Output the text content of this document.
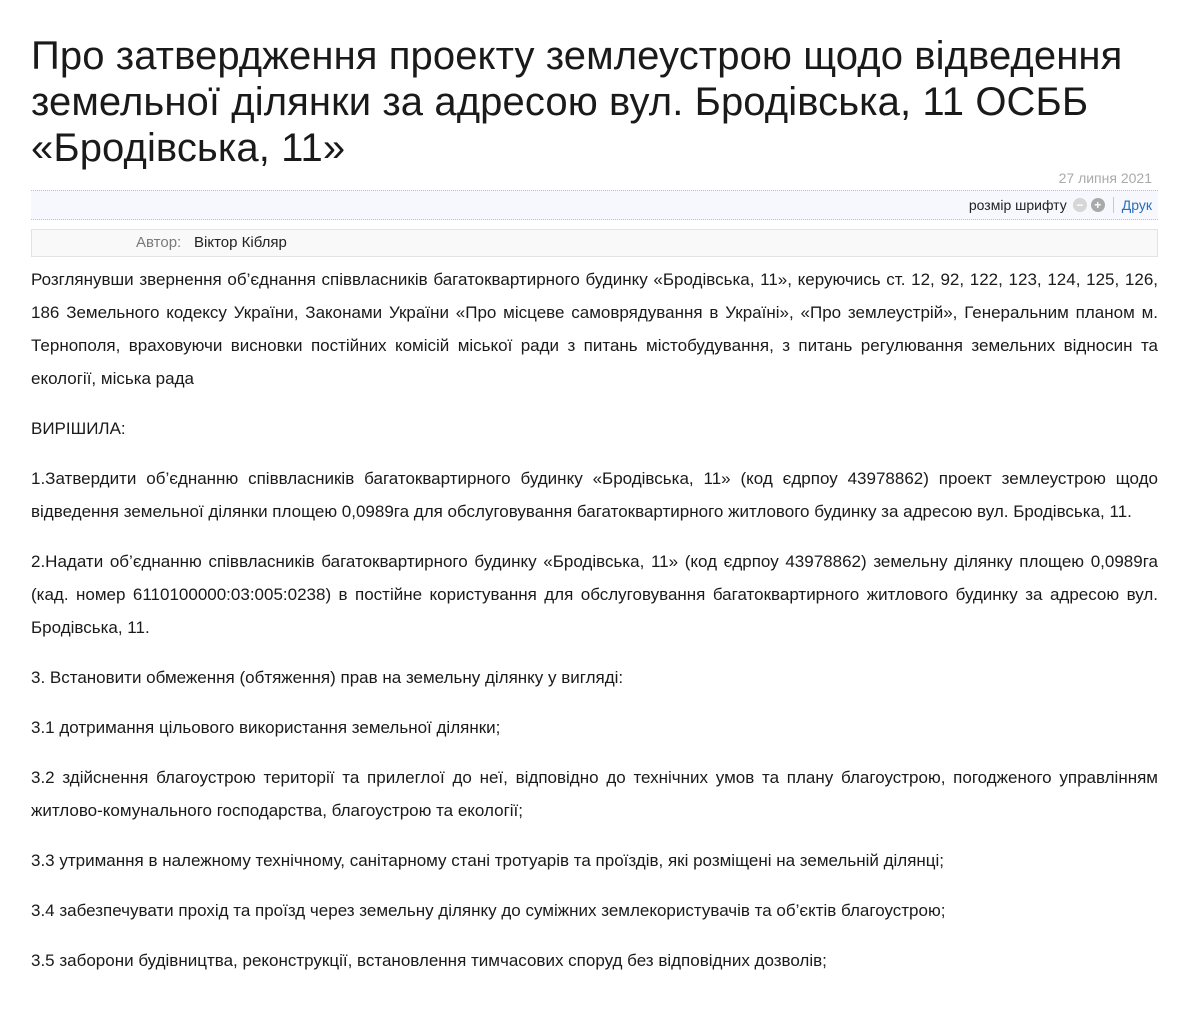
Про затвердження проекту землеустрою щодо відведення земельної ділянки за адресою вул. Бродівська, 11 ОСББ «Бродівська, 11»
27 липня 2021
розмір шрифту − + Друк
Автор: Віктор Кібляр

Розглянувши звернення об’єднання співвласників багатоквартирного будинку «Бродівська, 11», керуючись ст. 12, 92, 122, 123, 124, 125, 126, 186 Земельного кодексу України, Законами України «Про місцеве самоврядування в Україні», «Про землеустрій», Генеральним планом м. Тернополя, враховуючи висновки постійних комісій міської ради з питань містобудування, з питань регулювання земельних відносин та екології, міська рада

ВИРІШИЛА:

1.Затвердити об’єднанню співвласників багатоквартирного будинку «Бродівська, 11» (код єдрпоу 43978862) проект землеустрою щодо відведення земельної ділянки площею 0,0989га для обслуговування багатоквартирного житлового будинку за адресою вул. Бродівська, 11.

2.Надати об’єднанню співвласників багатоквартирного будинку «Бродівська, 11» (код єдрпоу 43978862) земельну ділянку площею 0,0989га (кад. номер 6110100000:03:005:0238) в постійне користування для обслуговування багатоквартирного житлового будинку за адресою вул. Бродівська, 11.

3. Встановити обмеження (обтяження) прав на земельну ділянку у вигляді:

3.1 дотримання цільового використання земельної ділянки;

3.2 здійснення благоустрою території та прилеглої до неї, відповідно до технічних умов та плану благоустрою, погодженого управлінням житлово-комунального господарства, благоустрою та екології;

3.3 утримання в належному технічному, санітарному стані тротуарів та проїздів, які розміщені на земельній ділянці;

3.4 забезпечувати прохід та проїзд через земельну ділянку до суміжних землекористувачів та об’єктів благоустрою;

3.5 заборони будівництва, реконструкції, встановлення тимчасових споруд без відповідних дозволів;
